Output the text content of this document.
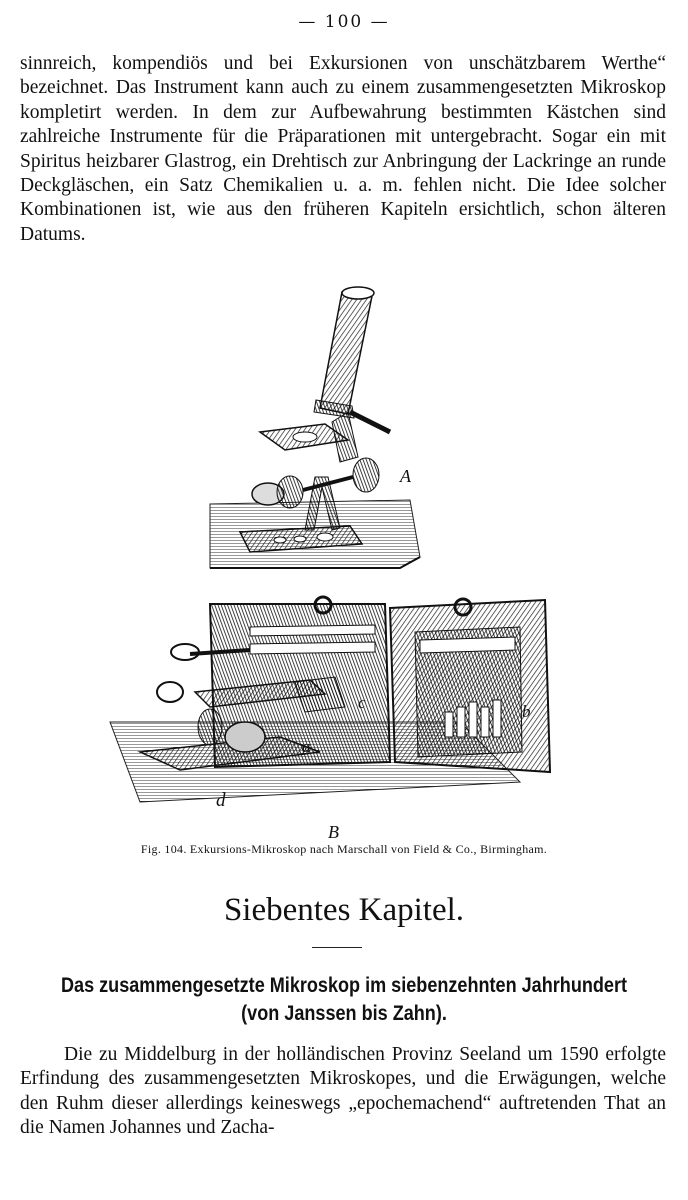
— 100 —

sinnreich, kompendiös und bei Exkursionen von unschätzbarem Werthe“ bezeichnet. Das Instrument kann auch zu einem zusammengesetzten Mikroskop kompletirt werden. In dem zur Aufbewahrung bestimmten Kästchen sind zahlreiche Instrumente für die Präparationen mit untergebracht. Sogar ein mit Spiritus heizbarer Glastrog, ein Drehtisch zur Anbringung der Lackringe an runde Deckgläschen, ein Satz Chemikalien u. a. m. fehlen nicht. Die Idee solcher Kombinationen ist, wie aus den früheren Kapiteln ersichtlich, schon älteren Datums.

A
a
b
c
d
B
Fig. 104. Exkursions-Mikroskop nach Marschall von Field & Co., Birmingham.
Siebentes Kapitel.
Das zusammengesetzte Mikroskop im siebenzehnten Jahrhundert
(von Janssen bis Zahn).

Die zu Middelburg in der holländischen Provinz Seeland um 1590 erfolgte Erfindung des zusammengesetzten Mikroskopes, und die Erwägungen, welche den Ruhm dieser allerdings keineswegs „epochemachend“ auftretenden That an die Namen Johannes und Zacha-
